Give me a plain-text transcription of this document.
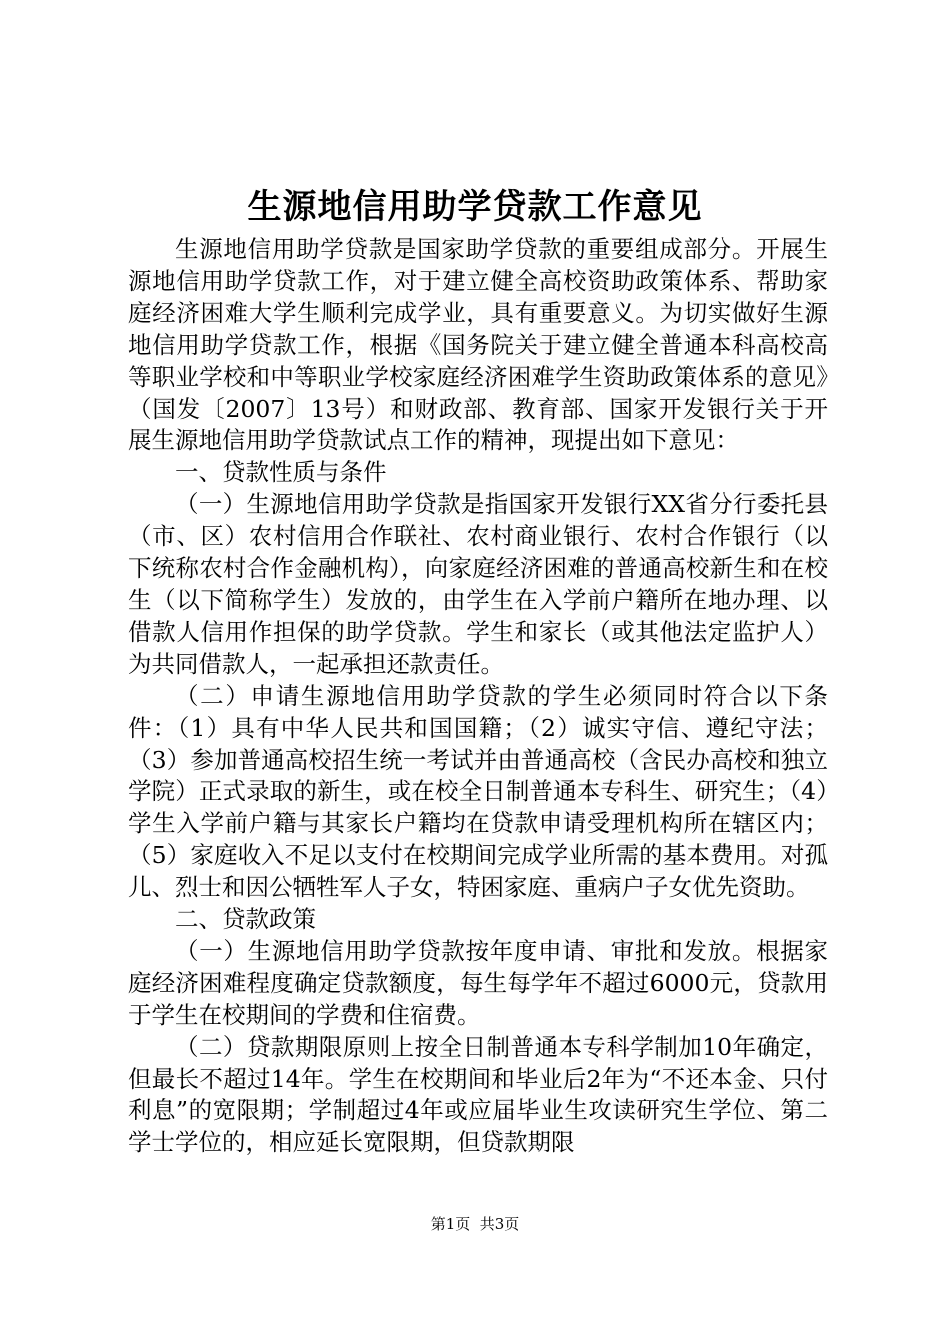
生源地信用助学贷款工作意见

生源地信用助学贷款是国家助学贷款的重要组成部分。开展生源地信用助学贷款工作，对于建立健全高校资助政策体系、帮助家庭经济困难大学生顺利完成学业，具有重要意义。为切实做好生源地信用助学贷款工作，根据《国务院关于建立健全普通本科高校高等职业学校和中等职业学校家庭经济困难学生资助政策体系的意见》（国发〔2007〕13号）和财政部、教育部、国家开发银行关于开展生源地信用助学贷款试点工作的精神，现提出如下意见：

一、贷款性质与条件

（一）生源地信用助学贷款是指国家开发银行XX省分行委托县（市、区）农村信用合作联社、农村商业银行、农村合作银行（以下统称农村合作金融机构），向家庭经济困难的普通高校新生和在校生（以下简称学生）发放的，由学生在入学前户籍所在地办理、以借款人信用作担保的助学贷款。学生和家长（或其他法定监护人）为共同借款人，一起承担还款责任。

（二）申请生源地信用助学贷款的学生必须同时符合以下条件：（1）具有中华人民共和国国籍；（2）诚实守信、遵纪守法；（3）参加普通高校招生统一考试并由普通高校（含民办高校和独立学院）正式录取的新生，或在校全日制普通本专科生、研究生；（4）学生入学前户籍与其家长户籍均在贷款申请受理机构所在辖区内；（5）家庭收入不足以支付在校期间完成学业所需的基本费用。对孤儿、烈士和因公牺牲军人子女，特困家庭、重病户子女优先资助。

二、贷款政策

（一）生源地信用助学贷款按年度申请、审批和发放。根据家庭经济困难程度确定贷款额度，每生每学年不超过6000元，贷款用于学生在校期间的学费和住宿费。

（二）贷款期限原则上按全日制普通本专科学制加10年确定，但最长不超过14年。学生在校期间和毕业后2年为“不还本金、只付利息”的宽限期；学制超过4年或应届毕业生攻读研究生学位、第二学士学位的，相应延长宽限期，但贷款期限

第1页  共3页
